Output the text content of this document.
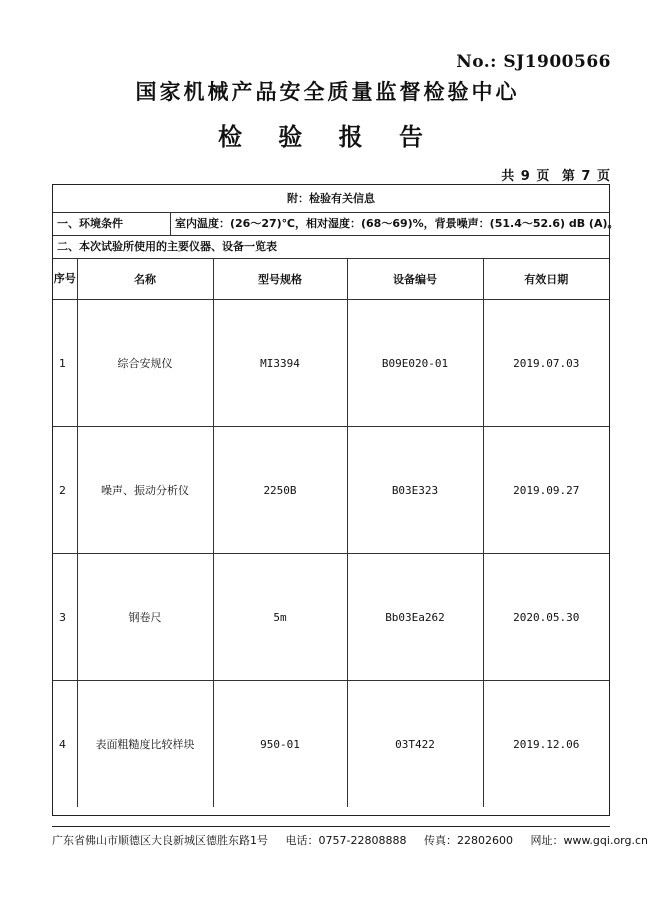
No.: SJ1900566
国家机械产品安全质量监督检验中心
检 验 报 告
共 9 页 第 7 页
附：检验有关信息
一、环境条件	室内温度：(26～27)℃，相对湿度：(68～69)%，背景噪声：(51.4～52.6) dB (A)。
二、本次试验所使用的主要仪器、设备一览表
序号	名称	型号规格	设备编号	有效日期
1	综合安规仪	MI3394	B09E020-01	2019.07.03
2	噪声、振动分析仪	2250B	B03E323	2019.09.27
3	钢卷尺	5m	Bb03Ea262	2020.05.30
4	表面粗糙度比较样块	950-01	03T422	2019.12.06
广东省佛山市顺德区大良新城区德胜东路1号 电话：0757-22808888 传真：22802600 网址：www.gqi.org.cn
